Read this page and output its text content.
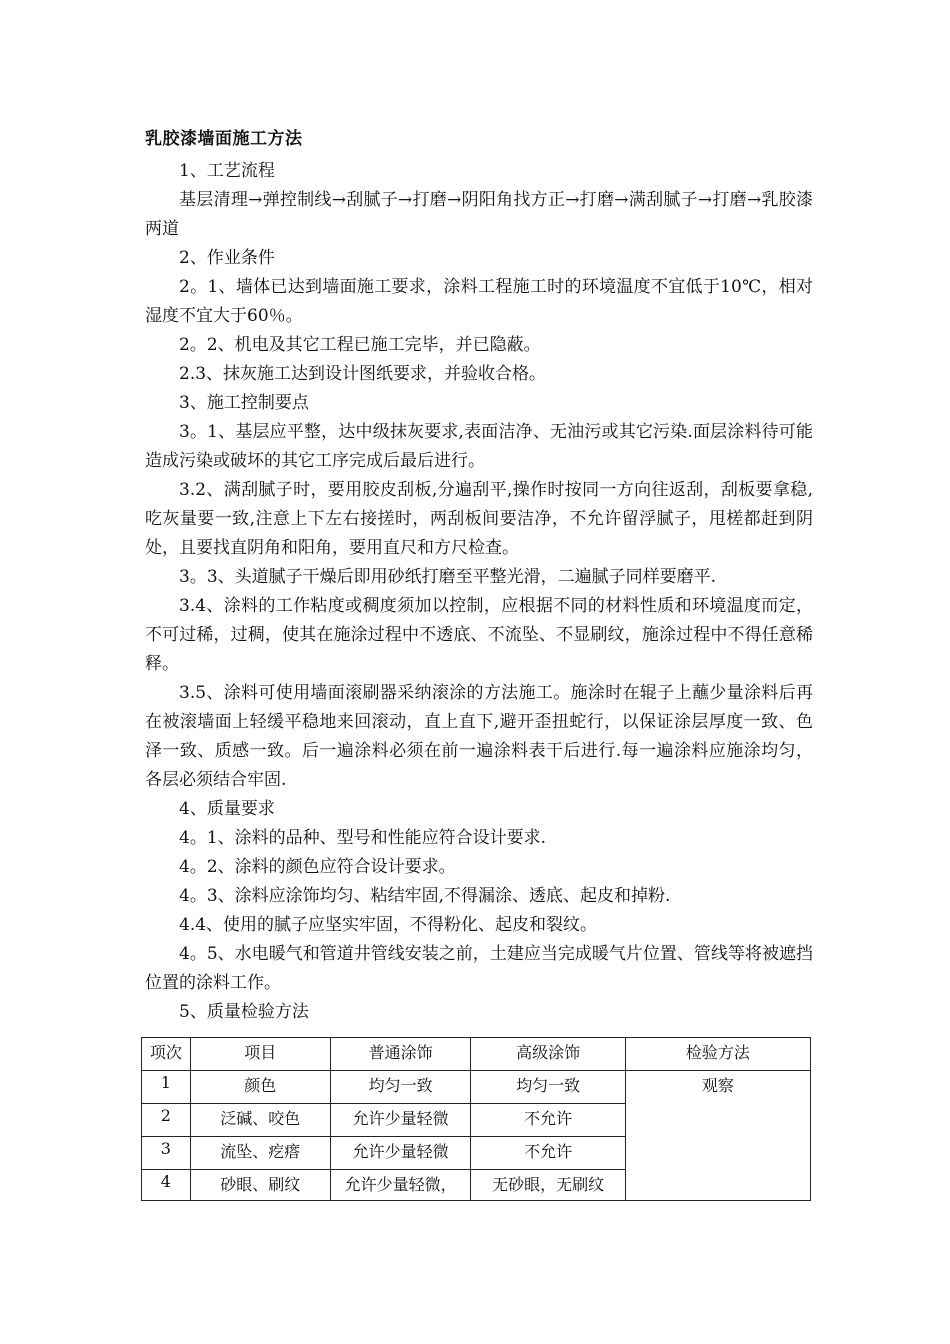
乳胶漆墙面施工方法

1、工艺流程

基层清理→弹控制线→刮腻子→打磨→阴阳角找方正→打磨→满刮腻子→打磨→乳胶漆两道

2、作业条件

2。1、墙体已达到墙面施工要求，涂料工程施工时的环境温度不宜低于10℃，相对湿度不宜大于60％。

2。2、机电及其它工程已施工完毕，并已隐蔽。

2.3、抹灰施工达到设计图纸要求，并验收合格。

3、施工控制要点

3。1、基层应平整，达中级抹灰要求,表面洁净、无油污或其它污染.面层涂料待可能造成污染或破坏的其它工序完成后最后进行。

3.2、满刮腻子时，要用胶皮刮板,分遍刮平,操作时按同一方向往返刮，刮板要拿稳,吃灰量要一致,注意上下左右接搓时，两刮板间要洁净，不允许留浮腻子，甩槎都赶到阴处，且要找直阴角和阳角，要用直尺和方尺检查。

3。3、头道腻子干燥后即用砂纸打磨至平整光滑，二遍腻子同样要磨平.

3.4、涂料的工作粘度或稠度须加以控制，应根据不同的材料性质和环境温度而定，不可过稀，过稠，使其在施涂过程中不透底、不流坠、不显刷纹，施涂过程中不得任意稀释。

3.5、涂料可使用墙面滚刷器采纳滚涂的方法施工。施涂时在辊子上蘸少量涂料后再在被滚墙面上轻缓平稳地来回滚动，直上直下,避开歪扭蛇行，以保证涂层厚度一致、色泽一致、质感一致。后一遍涂料必须在前一遍涂料表干后进行.每一遍涂料应施涂均匀，各层必须结合牢固.

4、质量要求

4。1、涂料的品种、型号和性能应符合设计要求.

4。2、涂料的颜色应符合设计要求。

4。3、涂料应涂饰均匀、粘结牢固,不得漏涂、透底、起皮和掉粉.

4.4、使用的腻子应坚实牢固，不得粉化、起皮和裂纹。

4。5、水电暖气和管道井管线安装之前，土建应当完成暖气片位置、管线等将被遮挡位置的涂料工作。

5、质量检验方法

项次	项目	普通涂饰	高级涂饰	检验方法
1	颜色	均匀一致	均匀一致	观察
2	泛碱、咬色	允许少量轻微	不允许	
3	流坠、疙瘩	允许少量轻微	不允许	
4	砂眼、刷纹	允许少量轻微，	无砂眼，无刷纹	
